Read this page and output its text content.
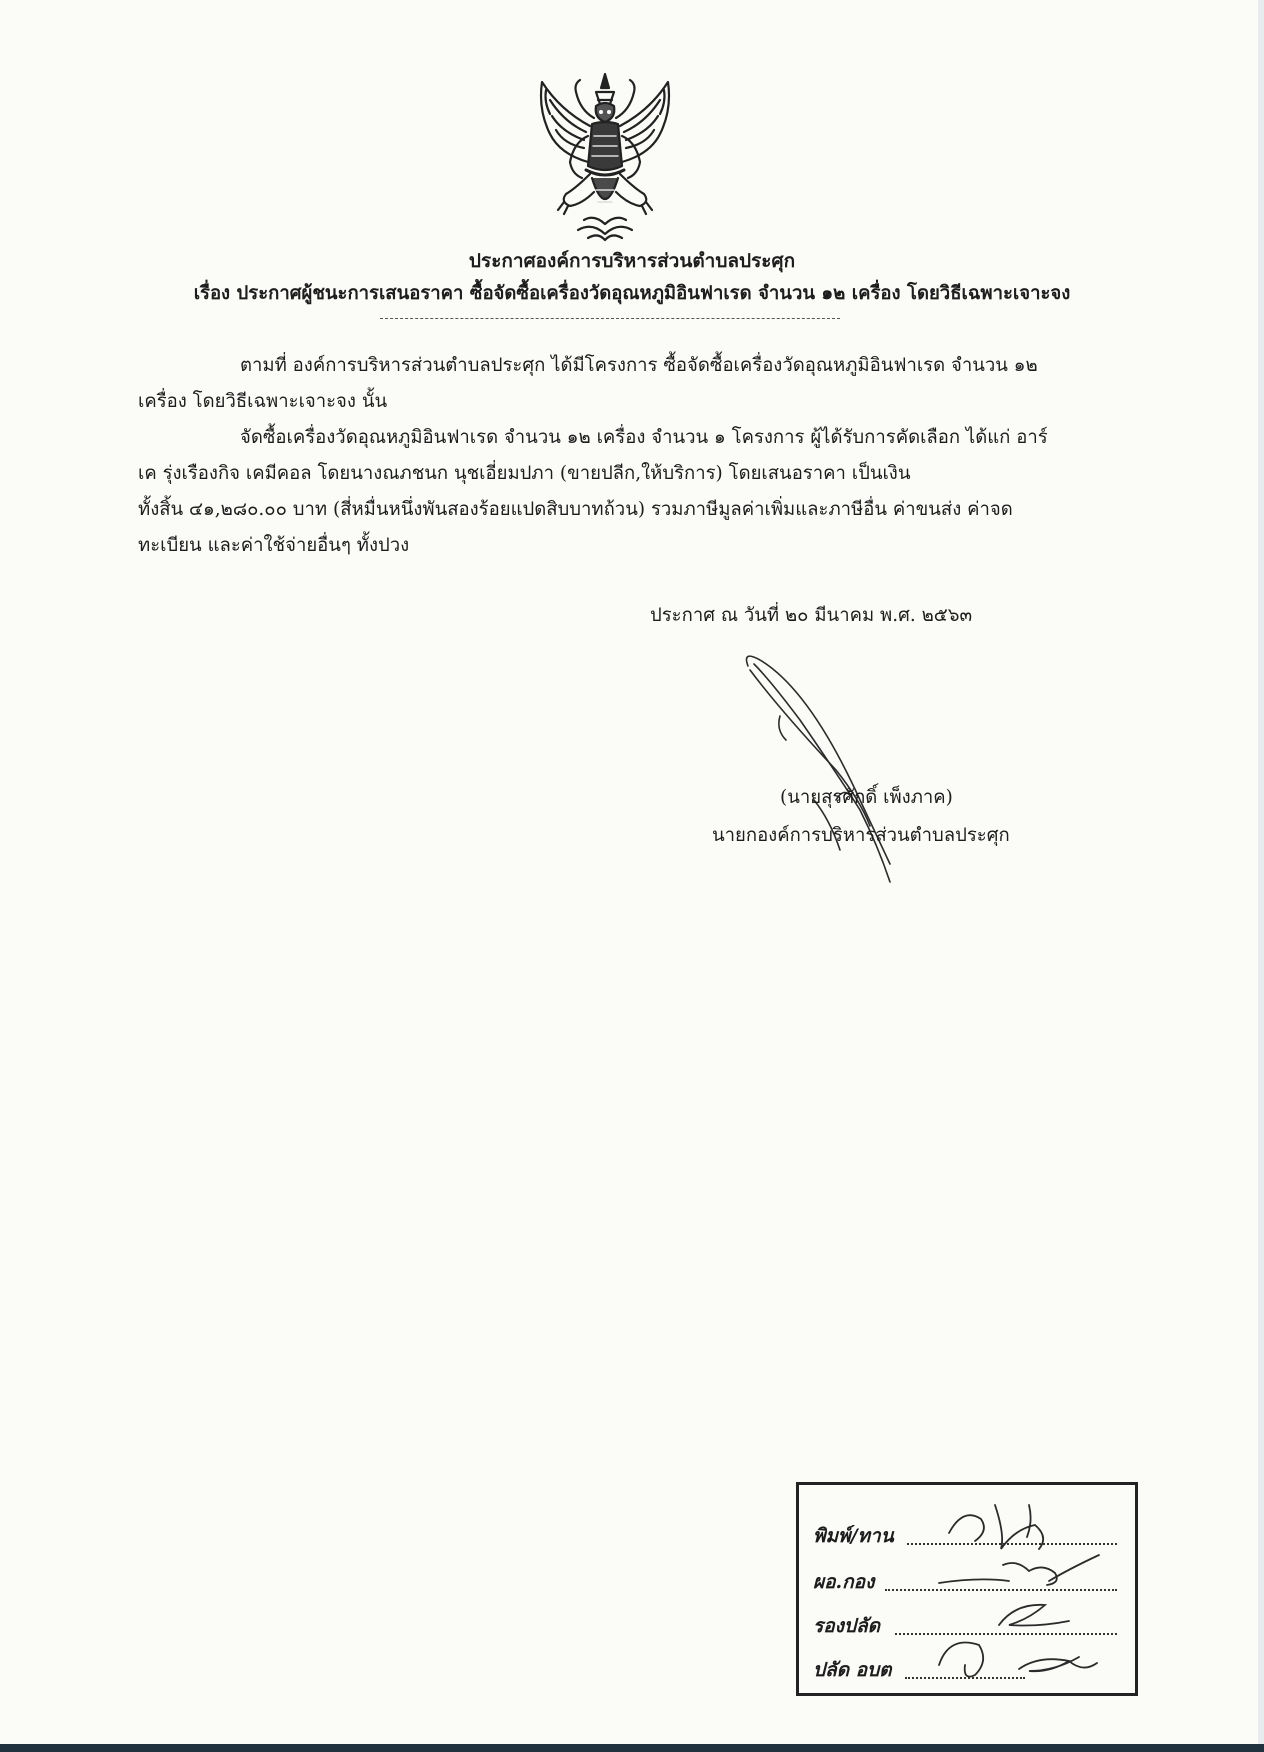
ประกาศองค์การบริหารส่วนตำบลประศุก
เรื่อง ประกาศผู้ชนะการเสนอราคา ซื้อจัดซื้อเครื่องวัดอุณหภูมิอินฟาเรด จำนวน ๑๒ เครื่อง โดยวิธีเฉพาะเจาะจง
ตามที่ องค์การบริหารส่วนตำบลประศุก ได้มีโครงการ ซื้อจัดซื้อเครื่องวัดอุณหภูมิอินฟาเรด จำนวน ๑๒
เครื่อง โดยวิธีเฉพาะเจาะจง นั้น
จัดซื้อเครื่องวัดอุณหภูมิอินฟาเรด จำนวน ๑๒ เครื่อง จำนวน ๑ โครงการ ผู้ได้รับการคัดเลือก ได้แก่ อาร์
เค รุ่งเรืองกิจ เคมีคอล โดยนางณภชนก นุชเอี่ยมปภา (ขายปลีก,ให้บริการ) โดยเสนอราคา เป็นเงิน
ทั้งสิ้น ๔๑,๒๘๐.๐๐ บาท (สี่หมื่นหนึ่งพันสองร้อยแปดสิบบาทถ้วน) รวมภาษีมูลค่าเพิ่มและภาษีอื่น ค่าขนส่ง ค่าจด
ทะเบียน และค่าใช้จ่ายอื่นๆ ทั้งปวง
ประกาศ ณ วันที่ ๒๐ มีนาคม พ.ศ. ๒๕๖๓
(นายสุรศักดิ์ เพ็งภาค)
นายกองค์การบริหารส่วนตำบลประศุก
พิมพ์/ทาน
ผอ.กอง
รองปลัด
ปลัด อบต
